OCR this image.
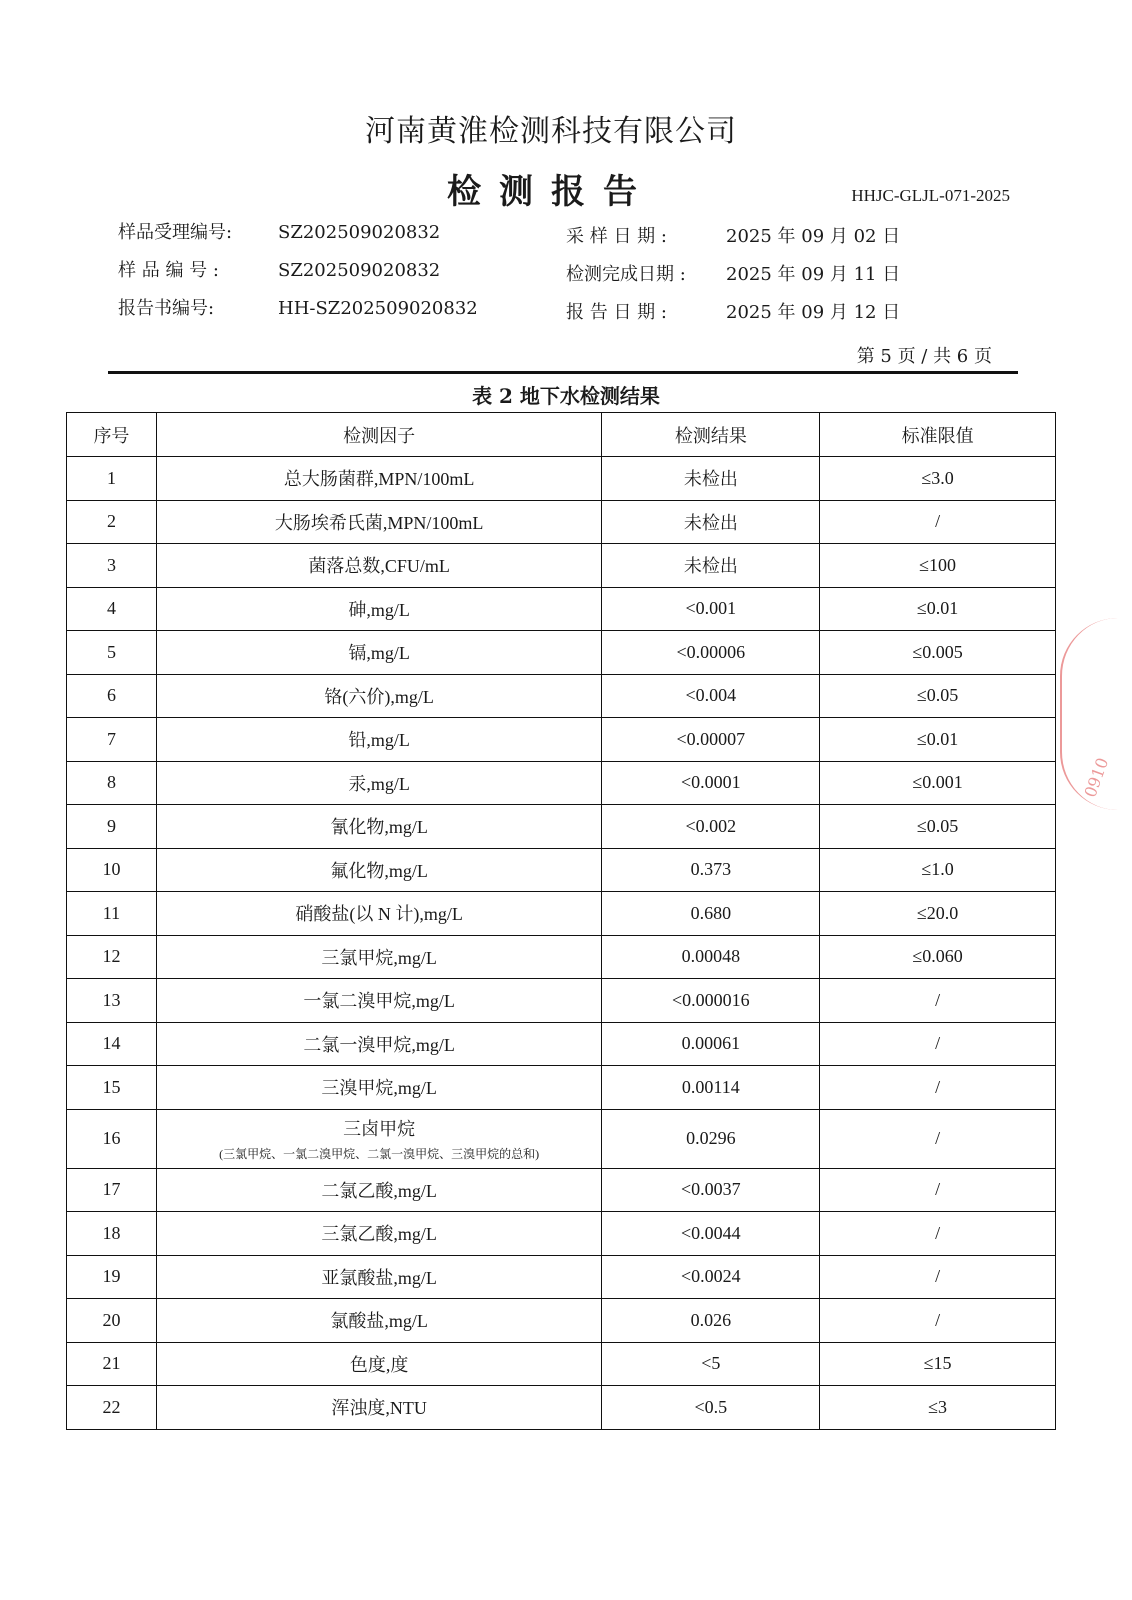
河南黄淮检测科技有限公司
检测报告	HHJC-GLJL-071-2025
样品受理编号:	SZ202509020832
样 品 编 号 :	SZ202509020832
报告书编号:	HH-SZ202509020832
采 样 日 期 :	2025 年 09 月 02 日
检测完成日期 : 2025 年 09 月 11 日
报 告 日 期 :	2025 年 09 月 12 日
第 5 页 / 共 6 页
表 2 地下水检测结果
序号	检测因子	检测结果	标准限值
1	总大肠菌群,MPN/100mL	未检出	≤3.0
2	大肠埃希氏菌,MPN/100mL	未检出	/
3	菌落总数,CFU/mL	未检出	≤100
4	砷,mg/L	<0.001	≤0.01
5	镉,mg/L	<0.00006	≤0.005
6	铬(六价),mg/L	<0.004	≤0.05
7	铅,mg/L	<0.00007	≤0.01
8	汞,mg/L	<0.0001	≤0.001
9	氰化物,mg/L	<0.002	≤0.05
10	氟化物,mg/L	0.373	≤1.0
11	硝酸盐(以 N 计),mg/L	0.680	≤20.0
12	三氯甲烷,mg/L	0.00048	≤0.060
13	一氯二溴甲烷,mg/L	<0.000016	/
14	二氯一溴甲烷,mg/L	0.00061	/
15	三溴甲烷,mg/L	0.00114	/
16	三卤甲烷
(三氯甲烷、一氯二溴甲烷、二氯一溴甲烷、三溴甲烷的总和)	0.0296	/
17	二氯乙酸,mg/L	<0.0037	/
18	三氯乙酸,mg/L	<0.0044	/
19	亚氯酸盐,mg/L	<0.0024	/
20	氯酸盐,mg/L	0.026	/
21	色度,度	<5	≤15
22	浑浊度,NTU	<0.5	≤3
0910
